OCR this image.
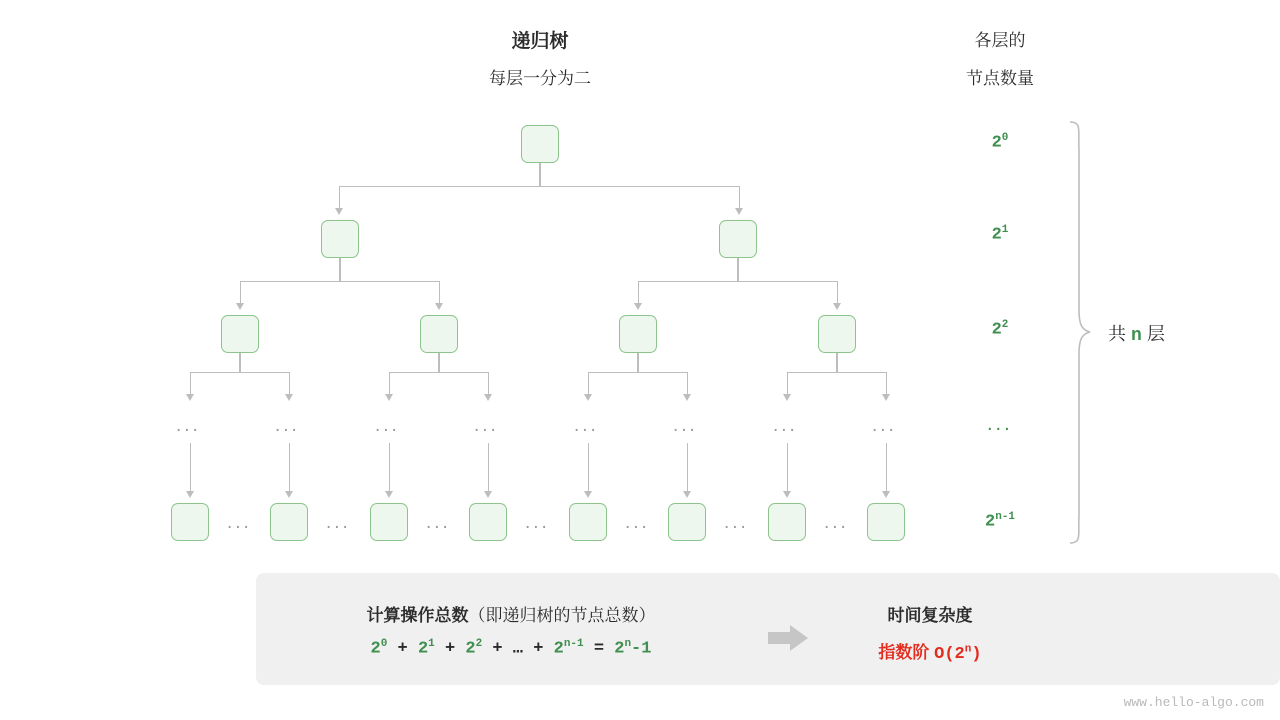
递归树
每层一分为二
各层的
节点数量
...	...	...	...	...	...	...	...
...	...	...	...	...	...	...
$2^0$
$2^1$
$2^2$
...
2$^{n-1}$
共 n 层
计算操作总数（即递归树的节点总数）
$2^0 + 2^1 + 2^2$ + … + $2^{n-1} = 2^n-1$
时间复杂度
指数阶 O(2$^n$)
www.hello-algo.com
